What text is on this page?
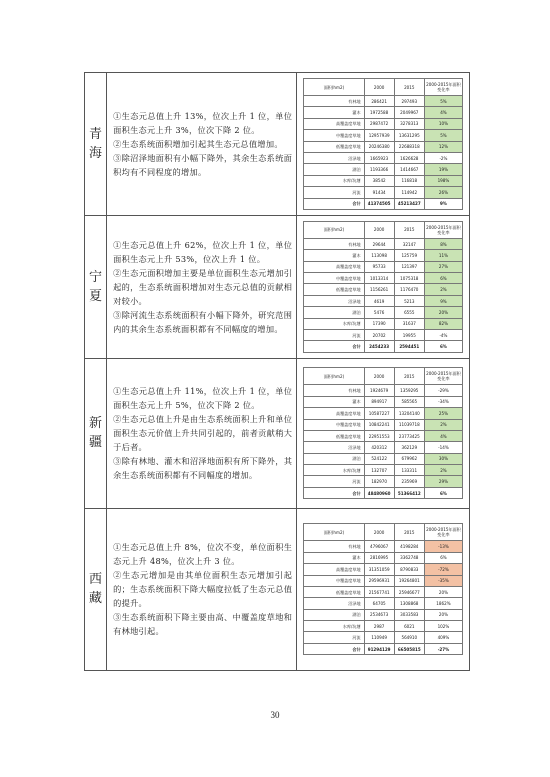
青
海

①生态元总值上升 13%，位次上升 1 位，单位面积生态元上升 3%，位次下降 2 位。

②生态系统面积增加引起其生态元总值增加。

③除沼泽地面积有小幅下降外，其余生态系统面积均有不同程度的增加。

面积(hm2)	2000	2015	2000-2015年面积变化率
有林地	286421	297493	5%
灌木	1972588	2049967	4%
高覆盖度草地	2987472	3278313	10%
中覆盖度草地	12957939	13631295	5%
低覆盖度草地	20246380	22688318	12%
沼泽地	1665923	1626628	-2%
湖泊	1193366	1414667	19%
水库/坑塘	38542	116818	198%
河流	91434	114942	26%
合计	41374505	45213427	9%

宁
夏

①生态元总值上升 62%，位次上升 1 位，单位面积生态元上升 53%，位次上升 1 位。

②生态元面积增加主要是单位面积生态元增加引起的，生态系统面积增加对生态元总值的贡献相对较小。

③除河流生态系统面积有小幅下降外，研究范围内的其余生态系统面积都有不同幅度的增加。

面积(hm2)	2000	2015	2000-2015年面积变化率
有林地	29644	32147	8%
灌木	113098	125759	11%
高覆盖度草地	95733	121397	27%
中覆盖度草地	1013314	1075318	6%
低覆盖度草地	1156261	1176470	2%
沼泽地	4619	5213	9%
湖泊	5476	6555	20%
水库/坑塘	17390	31637	82%
河流	20702	19955	-4%
合计	2454233	2594451	6%

新
疆

①生态元总值上升 11%，位次上升 1 位，单位面积生态元上升 5%，位次下降 2 位。

②生态元总值上升是由生态系统面积上升和单位面积生态元价值上升共同引起的，前者贡献稍大于后者。

③除有林地、灌木和沼泽地面积有所下降外，其余生态系统面积都有不同幅度的增加。

面积(hm2)	2000	2015	2000-2015年面积变化率
有林地	1924679	1359295	-29%
灌木	894917	585565	-34%
高覆盖度草地	10587227	13204140	25%
中覆盖度草地	10842241	11039718	2%
低覆盖度草地	22951553	23773425	4%
沼泽地	420312	362129	-14%
湖泊	524122	679962	30%
水库/坑塘	132707	133311	2%
河流	182970	235969	29%
合计	48480960	51366412	6%

西
藏

①生态元总值上升 8%，位次不变，单位面积生态元上升 48%，位次上升 3 位。

②生态元增加是由其单位面积生态元增加引起的；生态系统面积下降大幅度拉低了生态元总值的提升。

③生态系统面积下降主要由高、中覆盖度草地和有林地引起。

面积(hm2)	2000	2015	2000-2015年面积变化率
有林地	4796067	4198284	-13%
灌木	2816995	3362748	6%
高覆盖度草地	31351059	8790833	-72%
中覆盖度草地	29596931	19264801	-35%
低覆盖度草地	21567741	25946677	20%
沼泽地	64705	1308868	1862%
湖泊	2534673	3033583	20%
水库/坑塘	2987	6021	102%
河流	110949	564910	409%
合计	91294129	66505815	-27%
30
